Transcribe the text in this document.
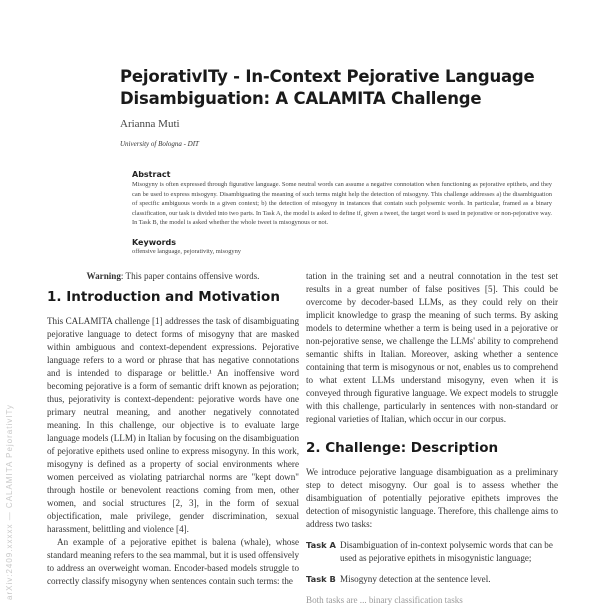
arXiv:2409.xxxxx — CALAMITA PejorativITy
PejorativITy - In-Context Pejorative Language Disambiguation: A CALAMITA Challenge
Arianna Muti
University of Bologna - DIT
Abstract

Misogyny is often expressed through figurative language. Some neutral words can assume a negative connotation when functioning as pejorative epithets, and they can be used to express misogyny. Disambiguating the meaning of such terms might help the detection of misogyny. This challenge addresses a) the disambiguation of specific ambiguous words in a given context; b) the detection of misogyny in instances that contain such polysemic words. In particular, framed as a binary classification, our task is divided into two parts. In Task A, the model is asked to define if, given a tweet, the target word is used in pejorative or non-pejorative way. In Task B, the model is asked whether the whole tweet is misogynous or not.

Keywords

offensive language, pejorativity, misogyny

Warning: This paper contains offensive words.

1. Introduction and Motivation

This CALAMITA challenge [1] addresses the task of disambiguating pejorative language to detect forms of misogyny that are masked within ambiguous and context-dependent expressions. Pejorative language refers to a word or phrase that has negative connotations and is intended to disparage or belittle.¹ An inoffensive word becoming pejorative is a form of semantic drift known as pejoration; thus, pejorativity is context-dependent: pejorative words have one primary neutral meaning, and another negatively connotated meaning. In this challenge, our objective is to evaluate large language models (LLM) in Italian by focusing on the disambiguation of pejorative epithets used online to express misogyny. In this work, misogyny is defined as a property of social environments where women perceived as violating patriarchal norms are "kept down" through hostile or benevolent reactions coming from men, other women, and social structures [2, 3], in the form of sexual objectification, male privilege, gender discrimination, sexual harassment, belittling and violence [4].

An example of a pejorative epithet is balena (whale), whose standard meaning refers to the sea mammal, but it is used offensively to address an overweight woman. Encoder-based models struggle to correctly classify misogyny when sentences contain such terms: the

tation in the training set and a neutral connotation in the test set results in a great number of false positives [5]. This could be overcome by decoder-based LLMs, as they could rely on their implicit knowledge to grasp the meaning of such terms. By asking models to determine whether a term is being used in a pejorative or non-pejorative sense, we challenge the LLMs' ability to comprehend semantic shifts in Italian. Moreover, asking whether a sentence containing that term is misogynous or not, enables us to comprehend to what extent LLMs understand misogyny, even when it is conveyed through figurative language. We expect models to struggle with this challenge, particularly in sentences with non-standard or regional varieties of Italian, which occur in our corpus.

2. Challenge: Description

We introduce pejorative language disambiguation as a preliminary step to detect misogyny. Our goal is to assess whether the disambiguation of potentially pejorative epithets improves the detection of misogynistic language. Therefore, this challenge aims to address two tasks:

Task A Disambiguation of in-context polysemic words that can be used as pejorative epithets in misogynistic language;
Task B Misogyny detection at the sentence level.

Both tasks are ... binary classification tasks
